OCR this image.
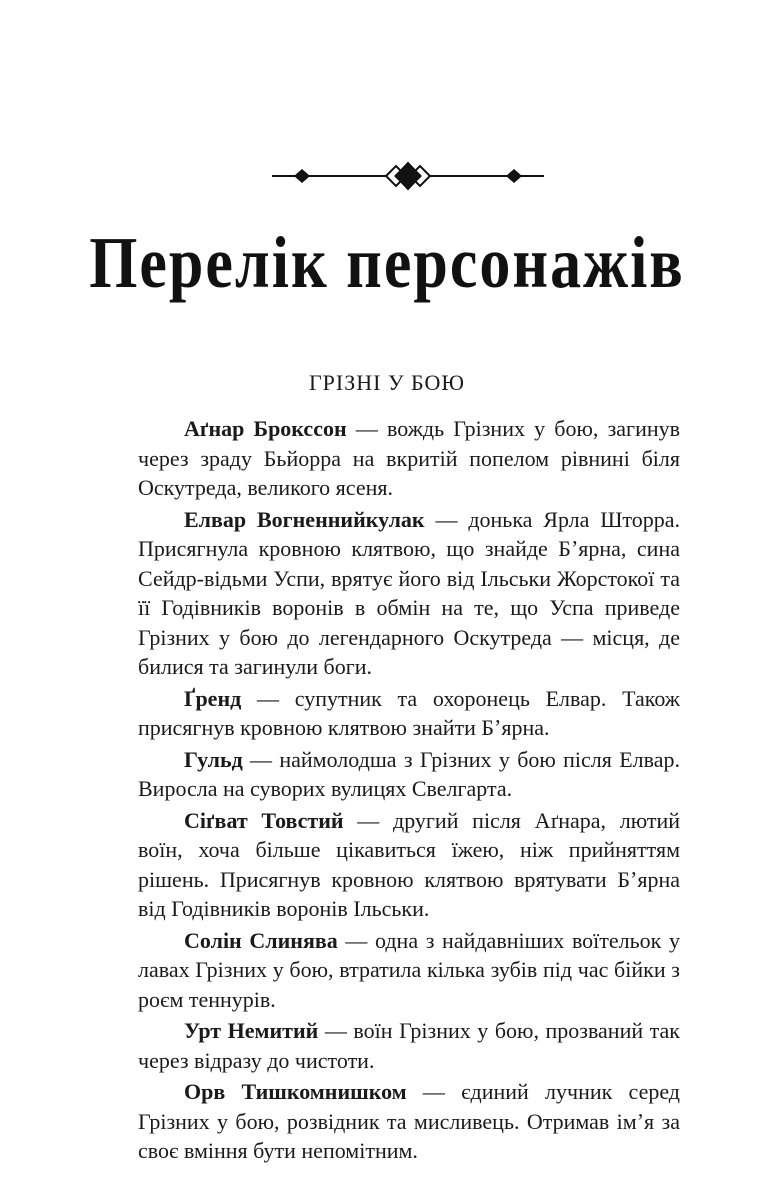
Перелік персонажів
ГРІЗНІ У БОЮ

Аґнар Броксcон — вождь Грізних у бою, загинув через зраду Бьйорра на вкритій попелом рівнині біля Оскутреда, великого ясеня.

Елвар Вогненнийкулак — донька Ярла Шторра. Присягнула кровною клятвою, що знайде Бʼярна, сина Сейдр-відьми Успи, врятує його від Ільськи Жорстокої та її Годівників воронів в обмін на те, що Успа приведе Грізних у бою до легендарного Оскутреда — місця, де билися та загинули боги.

Ґренд — супутник та охоронець Елвар. Також присягнув кровною клятвою знайти Бʼярна.

Гульд — наймолодша з Грізних у бою після Елвар. Виросла на суворих вулицях Свелгарта.

Сіґват Товстий — другий після Аґнара, лютий воїн, хоча більше цікавиться їжею, ніж прийняттям рішень. Присягнув кровною клятвою врятувати Бʼярна від Годівників воронів Ільськи.

Солін Слинява — одна з найдавніших воїтельок у лавах Грізних у бою, втратила кілька зубів під час бійки з роєм теннурів.

Урт Немитий — воїн Грізних у бою, прозваний так через відразу до чистоти.

Орв Тишкомнишком — єдиний лучник серед Грізних у бою, розвідник та мисливець. Отримав імʼя за своє вміння бути непомітним.
